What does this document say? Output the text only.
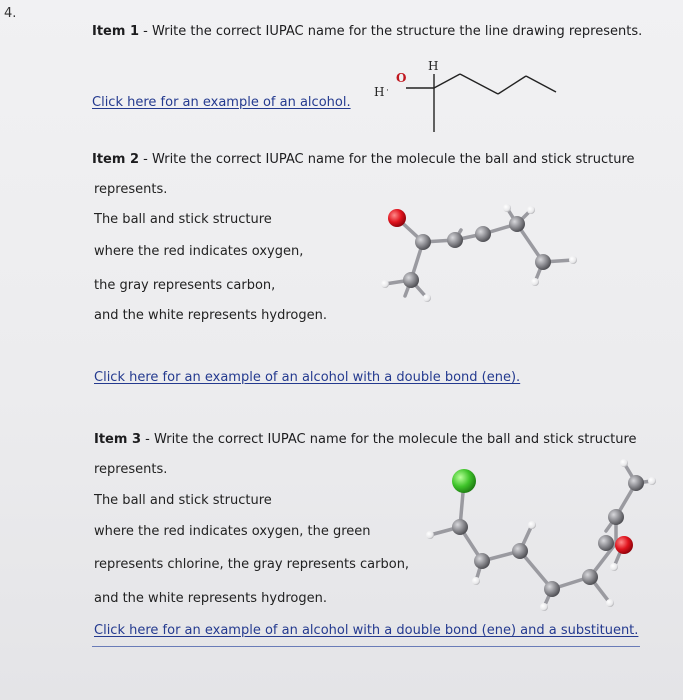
4.
Item 1 - Write the correct IUPAC name for the structure the line drawing represents.
Click here for an example of an alcohol.
H ·
O
H
Item 2 - Write the correct IUPAC name for the molecule the ball and stick structure
represents.
The ball and stick structure
where the red indicates oxygen,
the gray represents carbon,
and the white represents hydrogen.
Click here for an example of an alcohol with a double bond (ene).
Item 3 - Write the correct IUPAC name for the molecule the ball and stick structure
represents.
The ball and stick structure
where the red indicates oxygen, the green
represents chlorine, the gray represents carbon,
and the white represents hydrogen.
Click here for an example of an alcohol with a double bond (ene) and a substituent.
